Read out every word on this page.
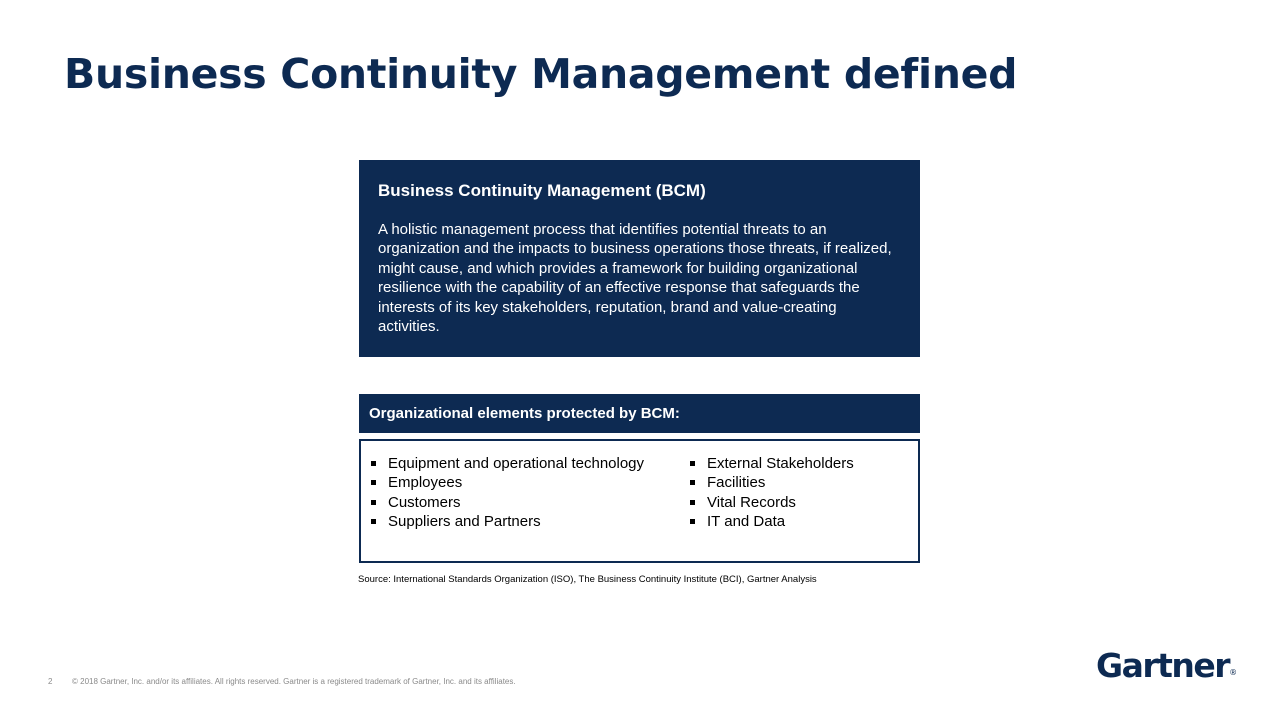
Business Continuity Management defined

Business Continuity Management (BCM)

A holistic management process that identifies potential threats to an organization and the impacts to business operations those threats, if realized, might cause, and which provides a framework for building organizational resilience with the capability of an effective response that safeguards the interests of its key stakeholders, reputation, brand and value-creating activities.

Organizational elements protected by BCM:
Equipment and operational technology
Employees
Customers
Suppliers and Partners
External Stakeholders
Facilities
Vital Records
IT and Data
Source: International Standards Organization (ISO), The Business Continuity Institute (BCI), Gartner Analysis
2 © 2018 Gartner, Inc. and/or its affiliates. All rights reserved. Gartner is a registered trademark of Gartner, Inc. and its affiliates.	Gartner®
